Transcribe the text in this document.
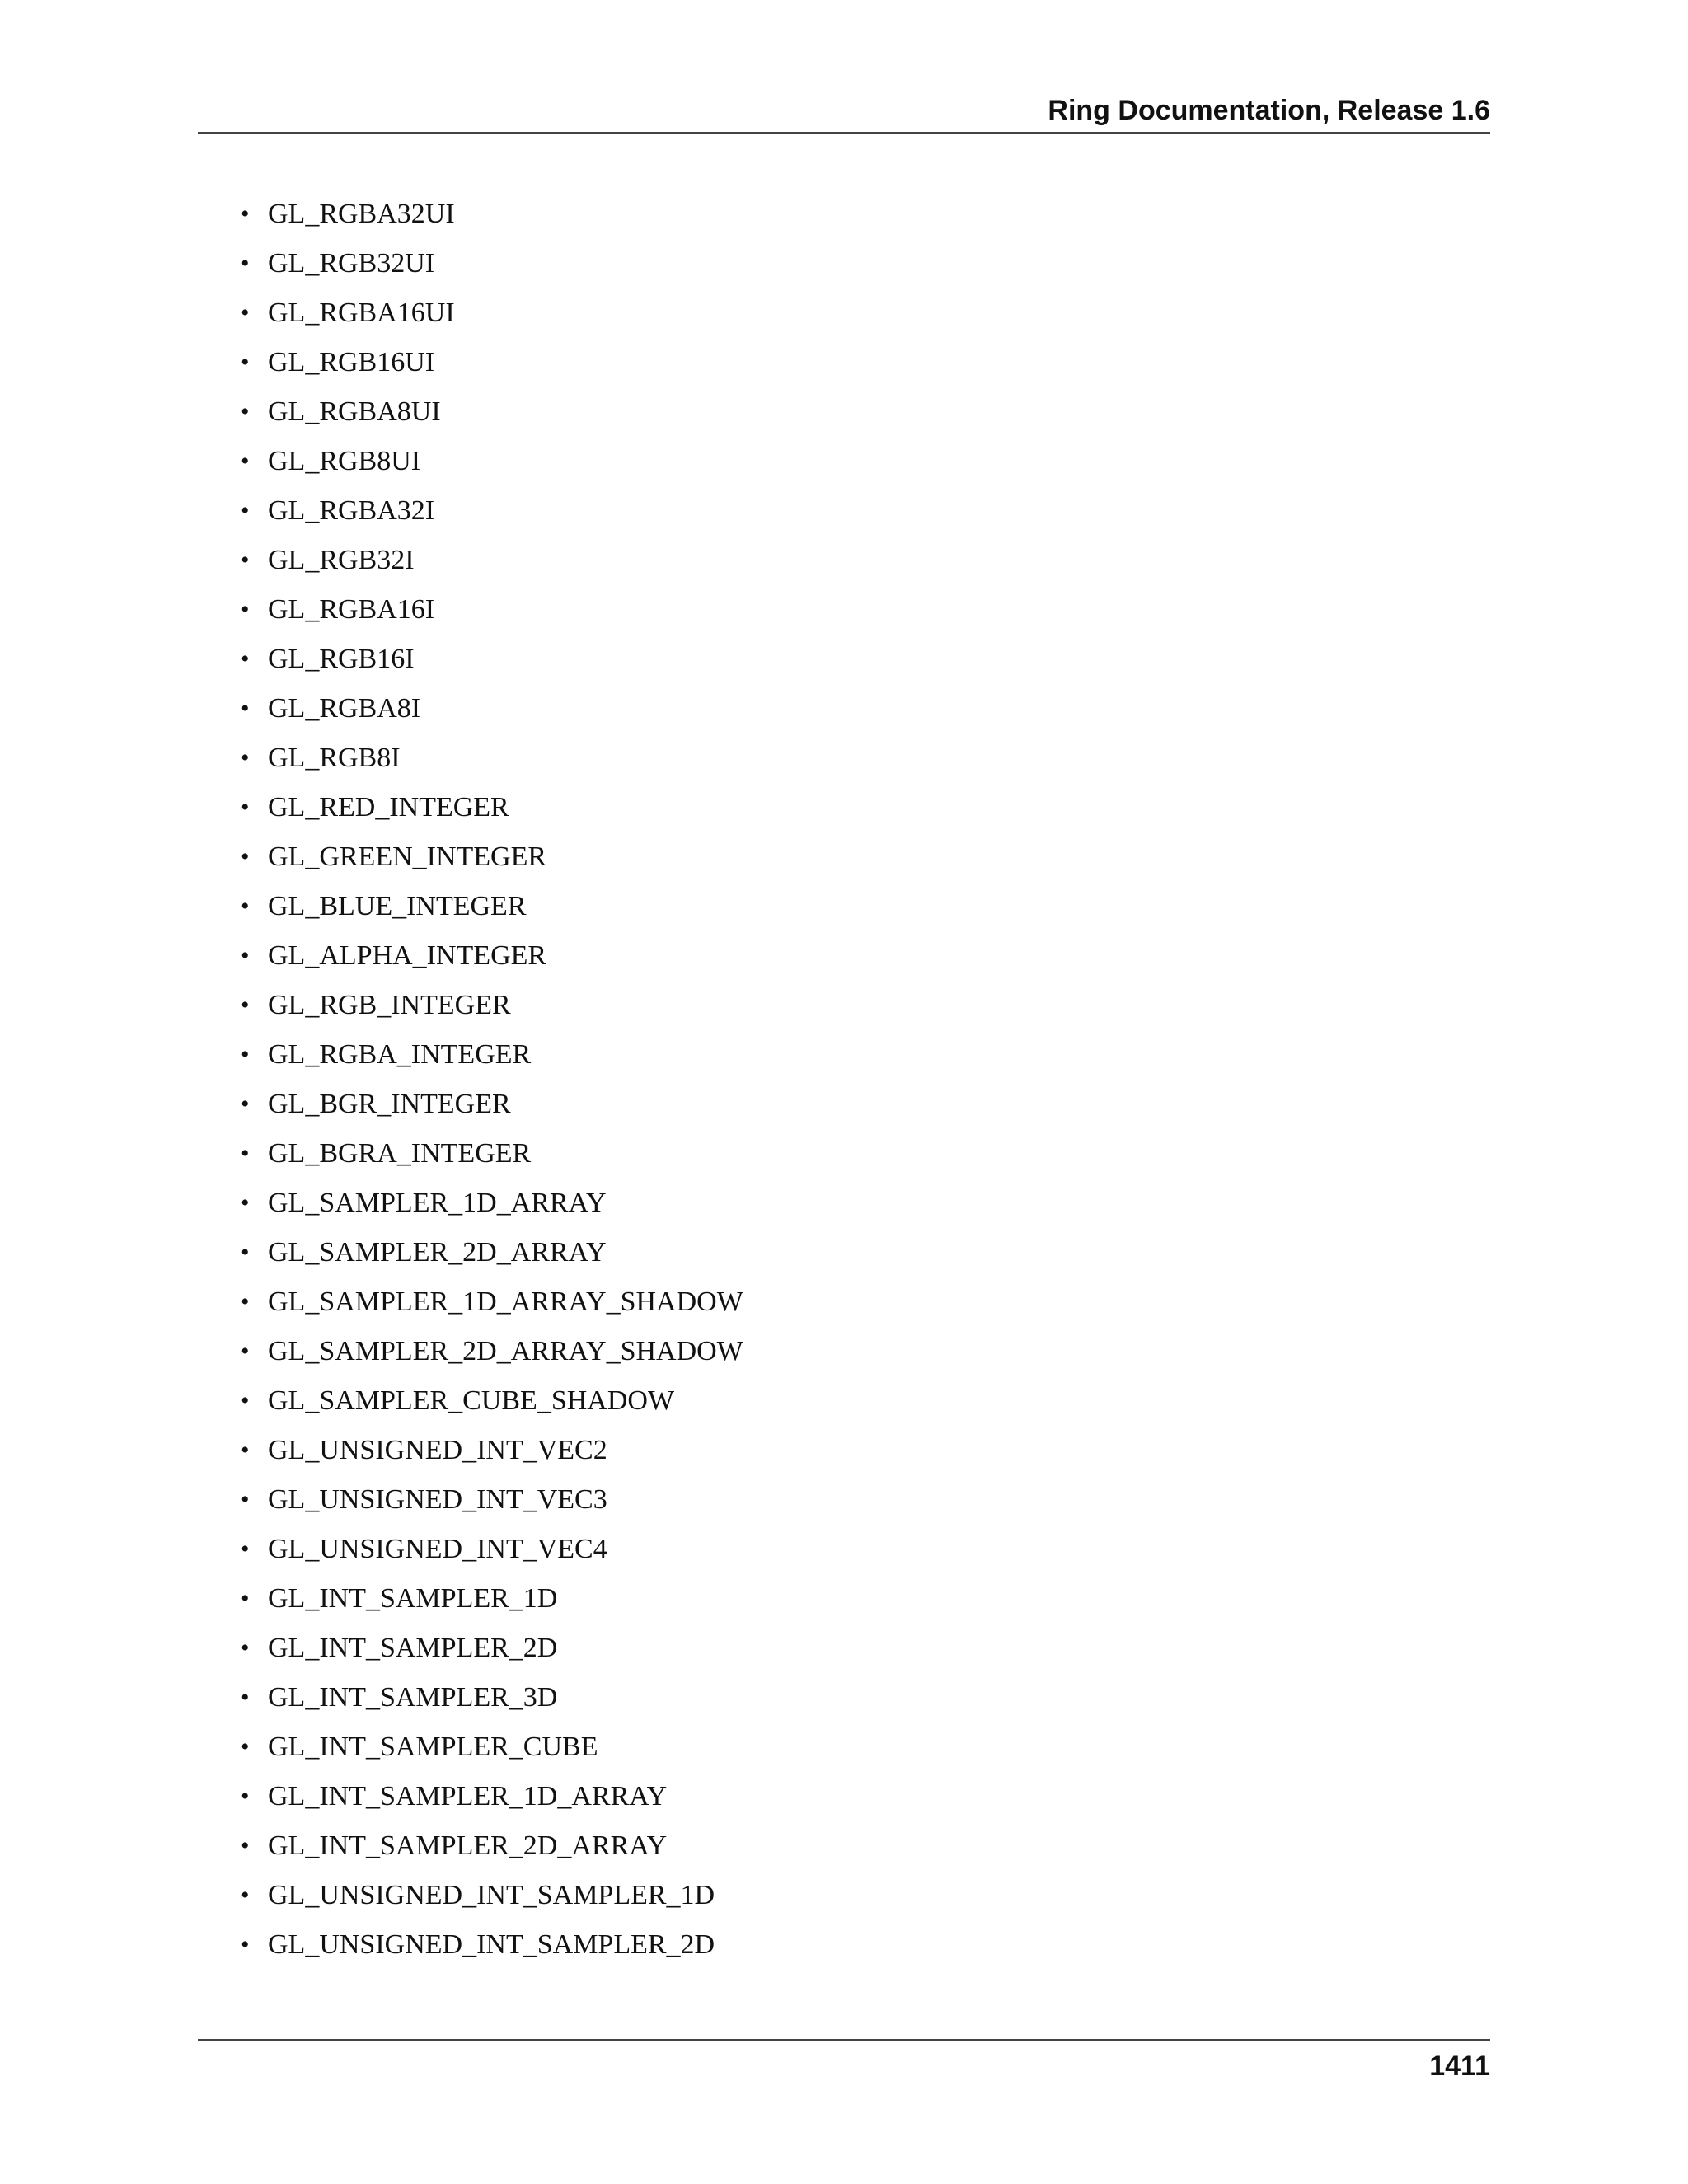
Ring Documentation, Release 1.6
• GL_RGBA32UI
• GL_RGB32UI
• GL_RGBA16UI
• GL_RGB16UI
• GL_RGBA8UI
• GL_RGB8UI
• GL_RGBA32I
• GL_RGB32I
• GL_RGBA16I
• GL_RGB16I
• GL_RGBA8I
• GL_RGB8I
• GL_RED_INTEGER
• GL_GREEN_INTEGER
• GL_BLUE_INTEGER
• GL_ALPHA_INTEGER
• GL_RGB_INTEGER
• GL_RGBA_INTEGER
• GL_BGR_INTEGER
• GL_BGRA_INTEGER
• GL_SAMPLER_1D_ARRAY
• GL_SAMPLER_2D_ARRAY
• GL_SAMPLER_1D_ARRAY_SHADOW
• GL_SAMPLER_2D_ARRAY_SHADOW
• GL_SAMPLER_CUBE_SHADOW
• GL_UNSIGNED_INT_VEC2
• GL_UNSIGNED_INT_VEC3
• GL_UNSIGNED_INT_VEC4
• GL_INT_SAMPLER_1D
• GL_INT_SAMPLER_2D
• GL_INT_SAMPLER_3D
• GL_INT_SAMPLER_CUBE
• GL_INT_SAMPLER_1D_ARRAY
• GL_INT_SAMPLER_2D_ARRAY
• GL_UNSIGNED_INT_SAMPLER_1D
• GL_UNSIGNED_INT_SAMPLER_2D
1411
